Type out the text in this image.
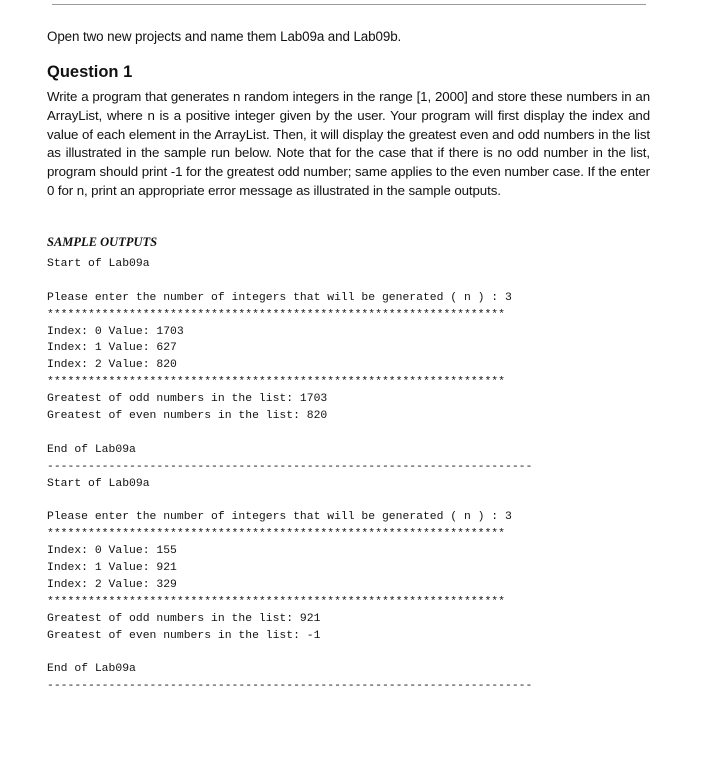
Open two new projects and name them Lab09a and Lab09b.
Question 1
Write a program that generates n random integers in the range [1, 2000] and store these numbers in an ArrayList, where n is a positive integer given by the user. Your program will first display the index and value of each element in the ArrayList. Then, it will display the greatest even and odd numbers in the list as illustrated in the sample run below. Note that for the case that if there is no odd number in the list, program should print -1 for the greatest odd number; same applies to the even number case. If the enter 0 for n, print an appropriate error message as illustrated in the sample outputs.
SAMPLE OUTPUTS
Start of Lab09a
Please enter the number of integers that will be generated ( n ) : 3
*******************************************************************
Index: 0 Value: 1703
Index: 1 Value: 627
Index: 2 Value: 820
*******************************************************************
Greatest of odd numbers in the list: 1703
Greatest of even numbers in the list: 820
End of Lab09a
-----------------------------------------------------------------------
Start of Lab09a
Please enter the number of integers that will be generated ( n ) : 3
*******************************************************************
Index: 0 Value: 155
Index: 1 Value: 921
Index: 2 Value: 329
*******************************************************************
Greatest of odd numbers in the list: 921
Greatest of even numbers in the list: -1
End of Lab09a
-----------------------------------------------------------------------
